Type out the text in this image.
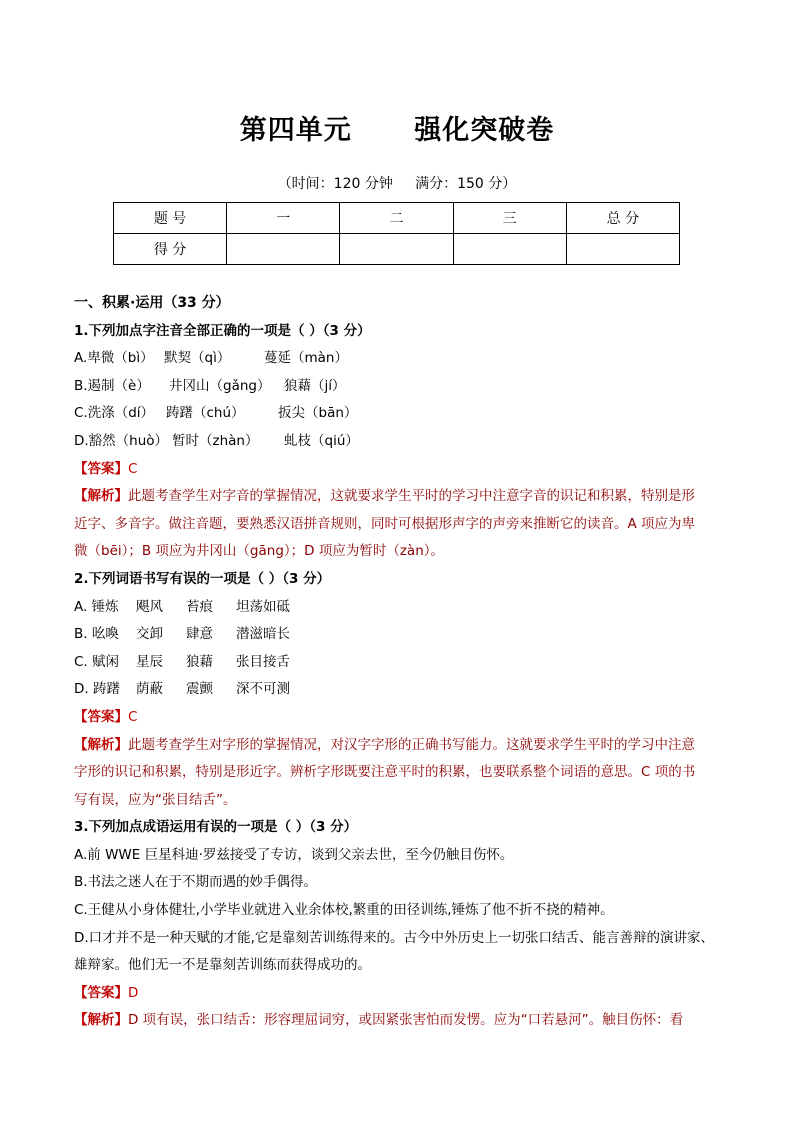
第四单元      强化突破卷
（时间：120 分钟     满分：150 分）
题 号	一	二	三	总 分
得 分				
一、积累·运用（33 分）
1.下列加点字注音全部正确的一项是（ ）（3 分）
A.卑微（bì） 默契（qì） 蔓延（màn）
B.遏制（è） 井冈山（gǎng） 狼藉（jí）
C.洗涤（dí） 踌躇（chú） 扳尖（bān）
D.豁然（huò） 暂时（zhàn） 虬枝（qiú）
【答案】C
【解析】此题考查学生对字音的掌握情况，这就要求学生平时的学习中注意字音的识记和积累，特别是形
近字、多音字。做注音题，要熟悉汉语拼音规则，同时可根据形声字的声旁来推断它的读音。A 项应为卑
微（bēi）；B 项应为井冈山（gāng）；D 项应为暂时（zàn）。
2.下列词语书写有误的一项是（ ）（3 分）
A. 锤炼 飓风 苔痕 坦荡如砥
B. 吆喚 交卸 肆意 潜滋暗长
C. 赋闲 星辰 狼藉 张目接舌
D. 踌躇 荫蔽 震颤 深不可测
【答案】C
【解析】此题考查学生对字形的掌握情况，对汉字字形的正确书写能力。这就要求学生平时的学习中注意
字形的识记和积累，特别是形近字。辨析字形既要注意平时的积累，也要联系整个词语的意思。C 项的书
写有误，应为“张目结舌”。
3.下列加点成语运用有误的一项是（ ）（3 分）
A.前 WWE 巨星科迪·罗兹接受了专访，谈到父亲去世，至今仍触目伤怀。
B.书法之迷人在于不期而遇的妙手偶得。
C.王健从小身体健壮,小学毕业就进入业余体校,繁重的田径训练,锤炼了他不折不挠的精神。
D.口才并不是一种天赋的才能,它是靠刻苦训练得来的。古今中外历史上一切张口结舌、能言善辩的演讲家、
雄辩家。他们无一不是靠刻苦训练而获得成功的。
【答案】D
【解析】D 项有误，张口结舌：形容理屈词穷，或因紧张害怕而发愣。应为“口若悬河”。触目伤怀：看
